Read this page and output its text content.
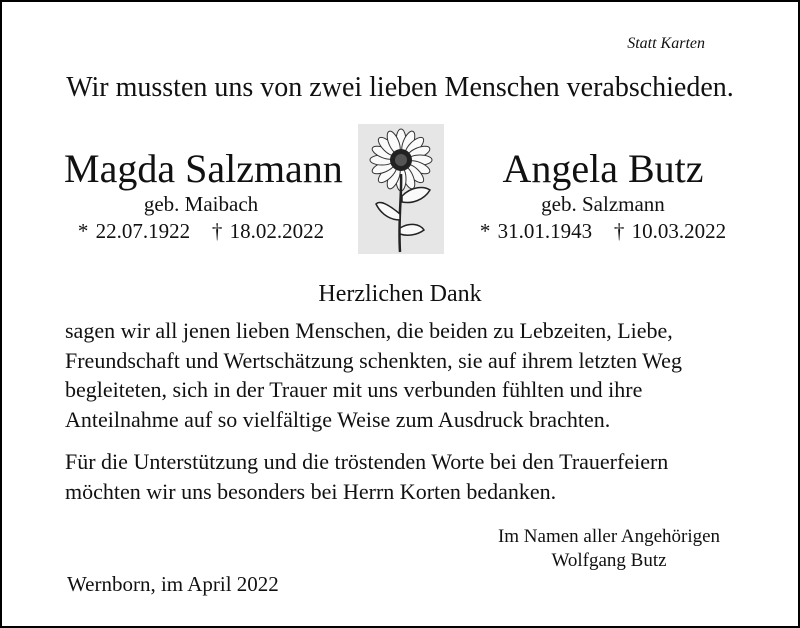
Statt Karten
Wir mussten uns von zwei lieben Menschen verabschieden.
Magda Salzmann
geb. Maibach
* 22.07.1922   † 18.02.2022
Angela Butz
geb. Salzmann
* 31.01.1943   † 10.03.2022
Herzlichen Dank
sagen wir all jenen lieben Menschen, die beiden zu Lebzeiten, Liebe, Freundschaft und Wertschätzung schenkten, sie auf ihrem letzten Weg begleiteten, sich in der Trauer mit uns verbunden fühlten und ihre Anteilnahme auf so vielfältige Weise zum Ausdruck brachten.
Für die Unterstützung und die tröstenden Worte bei den Trauerfeiern möchten wir uns besonders bei Herrn Korten bedanken.
Im Namen aller Angehörigen
Wolfgang Butz
Wernborn, im April 2022
